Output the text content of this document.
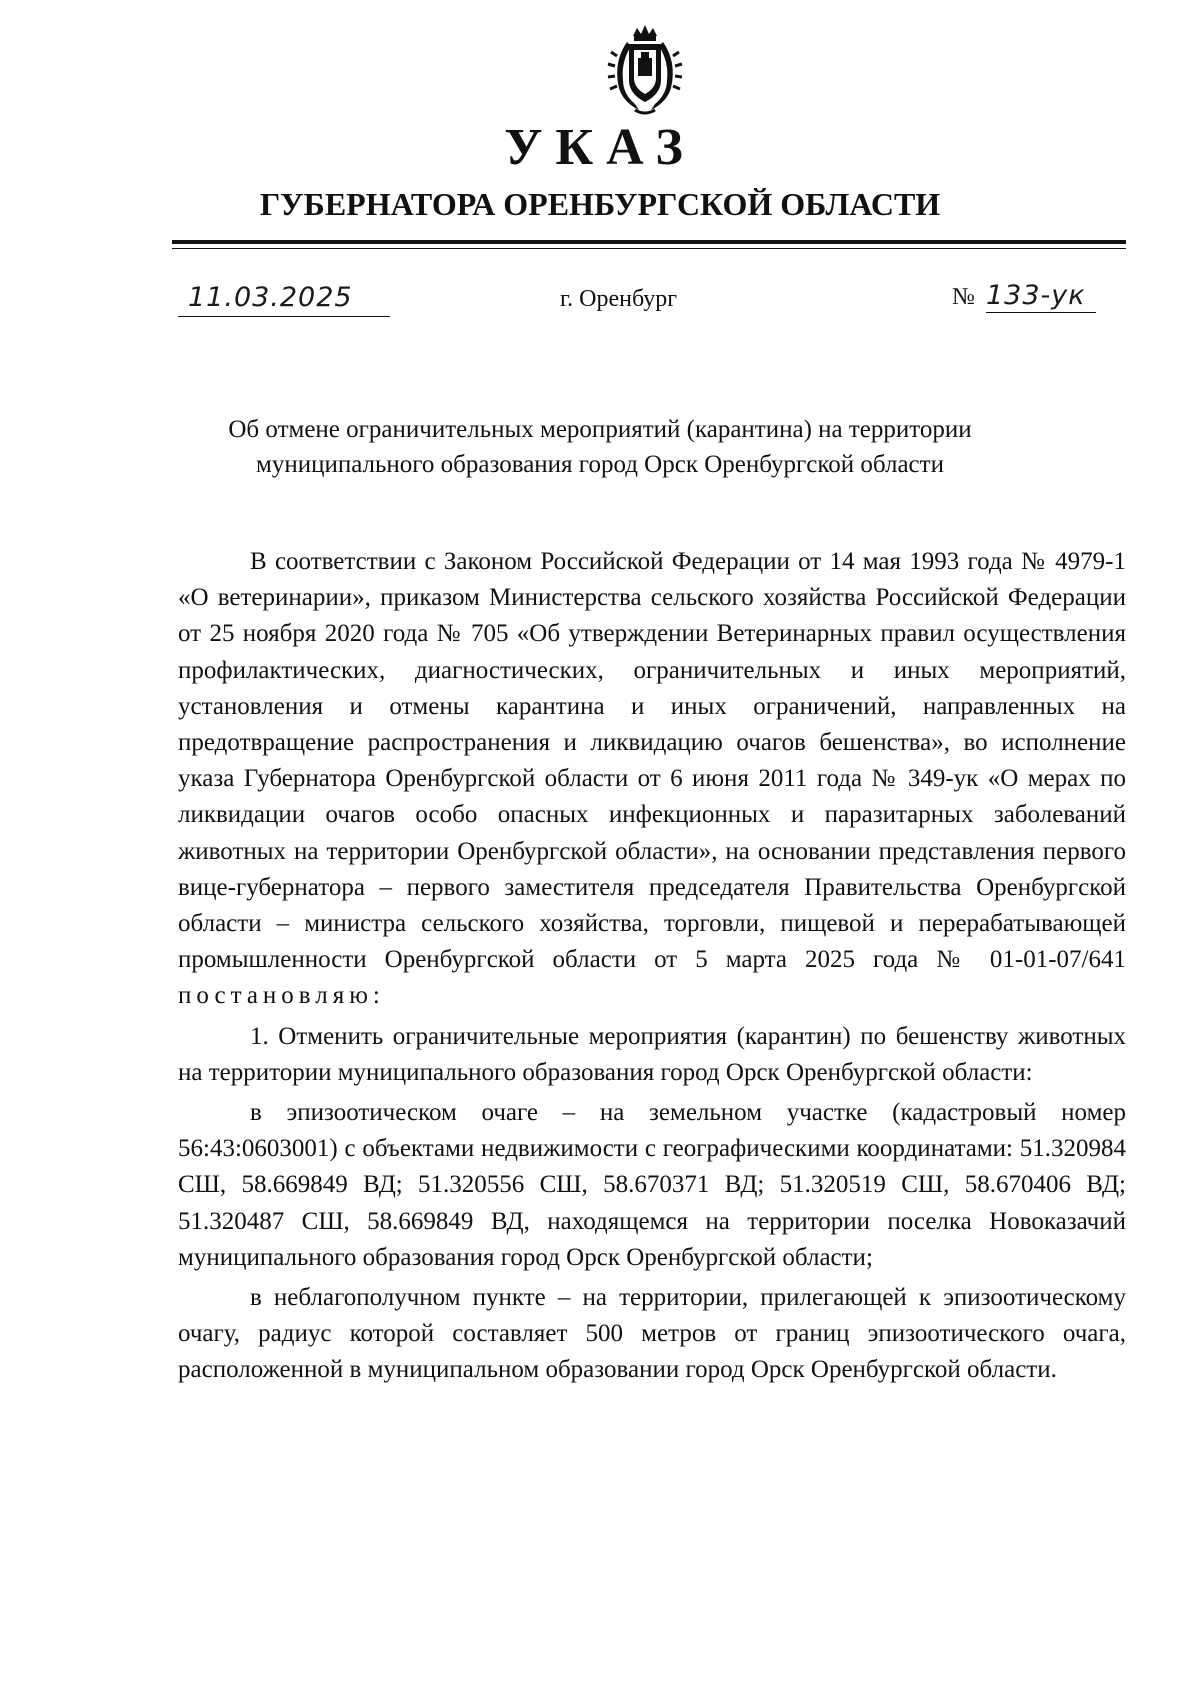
УКАЗ
ГУБЕРНАТОРА ОРЕНБУРГСКОЙ ОБЛАСТИ
11.03.2025	г. Оренбург	№ 133-ук
Об отмене ограничительных мероприятий (карантина) на территории
муниципального образования город Орск Оренбургской области

В соответствии с Законом Российской Федерации от 14 мая 1993 года № 4979-1 «О ветеринарии», приказом Министерства сельского хозяйства Российской Федерации от 25 ноября 2020 года № 705 «Об утверждении Ветеринарных правил осуществления профилактических, диагностических, ограничительных и иных мероприятий, установления и отмены карантина и иных ограничений, направленных на предотвращение распространения и ликвидацию очагов бешенства», во исполнение указа Губернатора Оренбургской области от 6 июня 2011 года № 349-ук «О мерах по ликвидации очагов особо опасных инфекционных и паразитарных заболеваний животных на территории Оренбургской области», на основании представления первого вице-губернатора – первого заместителя председателя Правительства Оренбургской области – министра сельского хозяйства, торговли, пищевой и перерабатывающей промышленности Оренбургской области от 5 марта 2025 года № 01-01-07/641 постановляю:

1. Отменить ограничительные мероприятия (карантин) по бешенству животных на территории муниципального образования город Орск Оренбургской области:

в эпизоотическом очаге – на земельном участке (кадастровый номер 56:43:0603001) с объектами недвижимости с географическими координатами: 51.320984 СШ, 58.669849 ВД; 51.320556 СШ, 58.670371 ВД; 51.320519 СШ, 58.670406 ВД; 51.320487 СШ, 58.669849 ВД, находящемся на территории поселка Новоказачий муниципального образования город Орск Оренбургской области;

в неблагополучном пункте – на территории, прилегающей к эпизоотическому очагу, радиус которой составляет 500 метров от границ эпизоотического очага, расположенной в муниципальном образовании город Орск Оренбургской области.
